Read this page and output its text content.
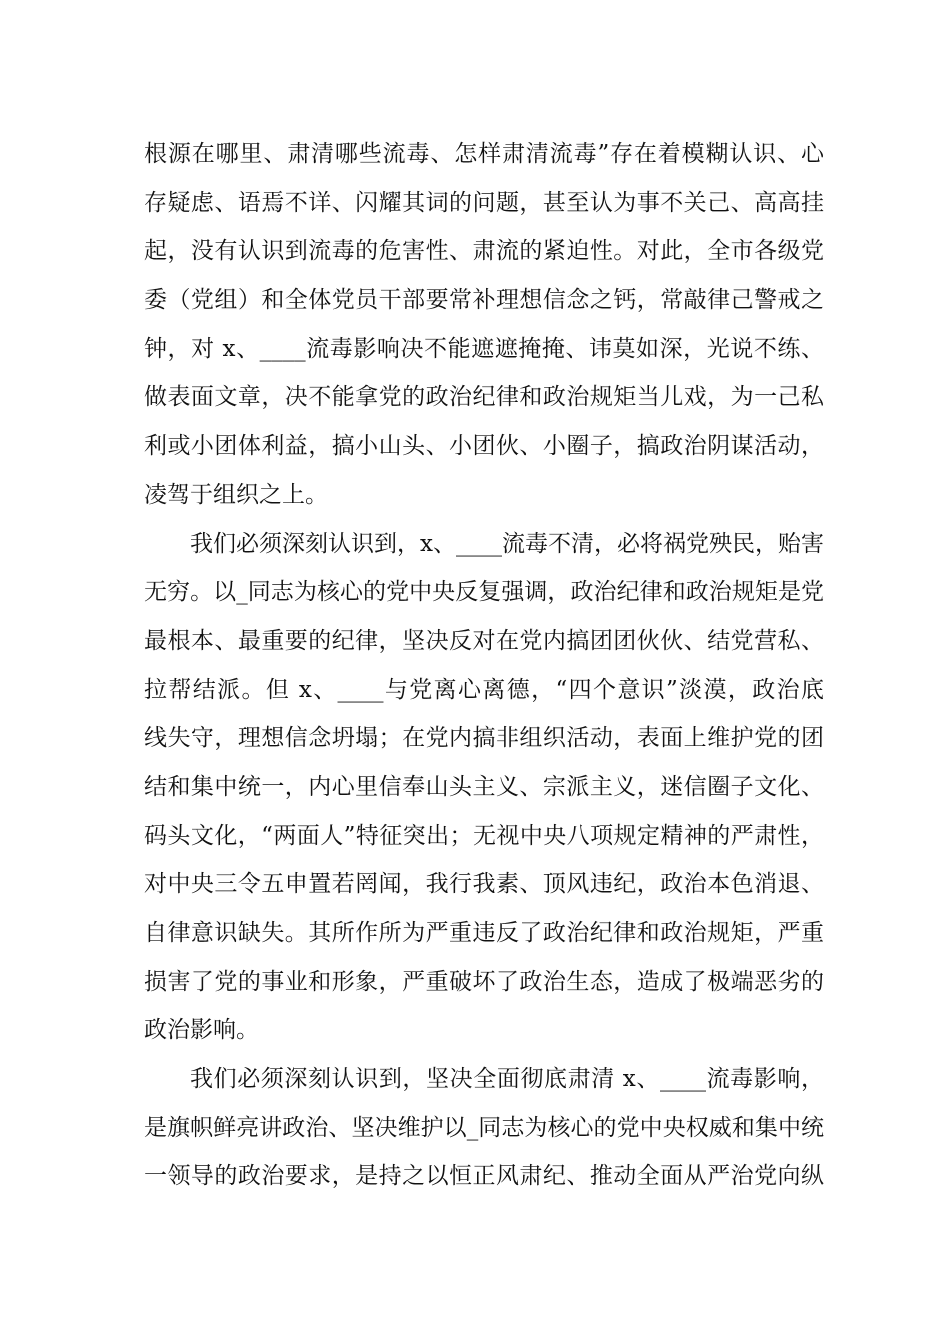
根源在哪里、肃清哪些流毒、怎样肃清流毒”存在着模糊认识、心
存疑虑、语焉不详、闪耀其词的问题，甚至认为事不关己、高高挂
起，没有认识到流毒的危害性、肃流的紧迫性。对此，全市各级党
委（党组）和全体党员干部要常补理想信念之钙，常敲律己警戒之
钟，对 x、____流毒影响决不能遮遮掩掩、讳莫如深，光说不练、
做表面文章，决不能拿党的政治纪律和政治规矩当儿戏，为一己私
利或小团体利益，搞小山头、小团伙、小圈子，搞政治阴谋活动，
凌驾于组织之上。
我们必须深刻认识到，x、____流毒不清，必将祸党殃民，贻害
无穷。以_同志为核心的党中央反复强调，政治纪律和政治规矩是党
最根本、最重要的纪律，坚决反对在党内搞团团伙伙、结党营私、
拉帮结派。但 x、____与党离心离德，“四个意识”淡漠，政治底
线失守，理想信念坍塌；在党内搞非组织活动，表面上维护党的团
结和集中统一，内心里信奉山头主义、宗派主义，迷信圈子文化、
码头文化，“两面人”特征突出；无视中央八项规定精神的严肃性，
对中央三令五申置若罔闻，我行我素、顶风违纪，政治本色消退、
自律意识缺失。其所作所为严重违反了政治纪律和政治规矩，严重
损害了党的事业和形象，严重破坏了政治生态，造成了极端恶劣的
政治影响。
我们必须深刻认识到，坚决全面彻底肃清 x、____流毒影响，
是旗帜鲜亮讲政治、坚决维护以_同志为核心的党中央权威和集中统
一领导的政治要求，是持之以恒正风肃纪、推动全面从严治党向纵
